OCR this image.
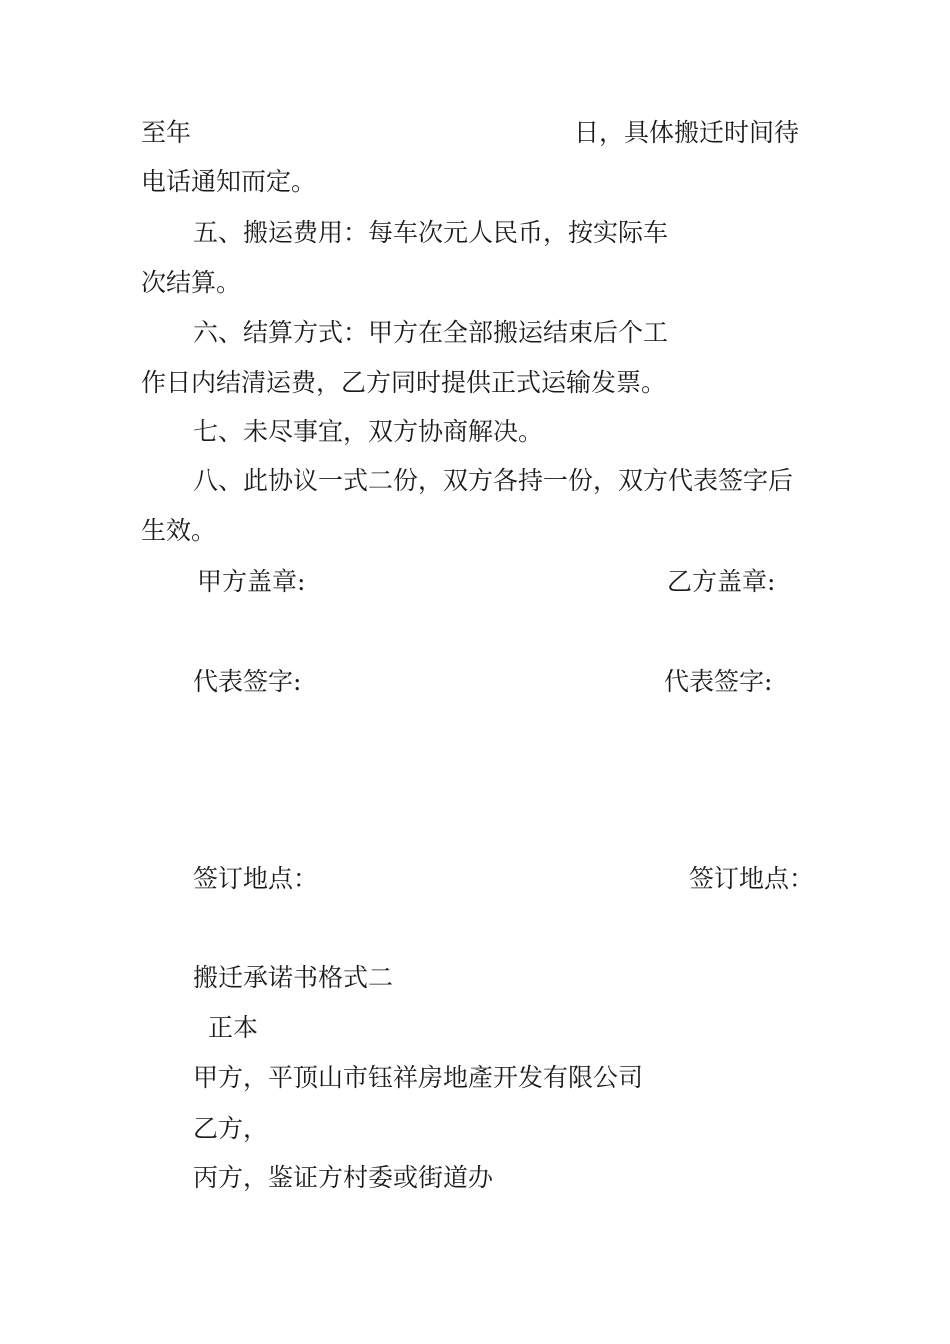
至年	日，具体搬迁时间待
电话通知而定。
五、搬运费用：每车次元人民币，按实际车
次结算。
六、结算方式：甲方在全部搬运结束后个工
作日内结清运费，乙方同时提供正式运输发票。
七、未尽事宜，双方协商解决。
八、此协议一式二份，双方各持一份，双方代表签字后
生效。
甲方盖章:	乙方盖章:
代表签字:	代表签字:
签订地点：	签订地点：
搬迁承诺书格式二
正本
甲方，平顶山市钰祥房地產开发有限公司
乙方，
丙方，鉴证方村委或街道办
